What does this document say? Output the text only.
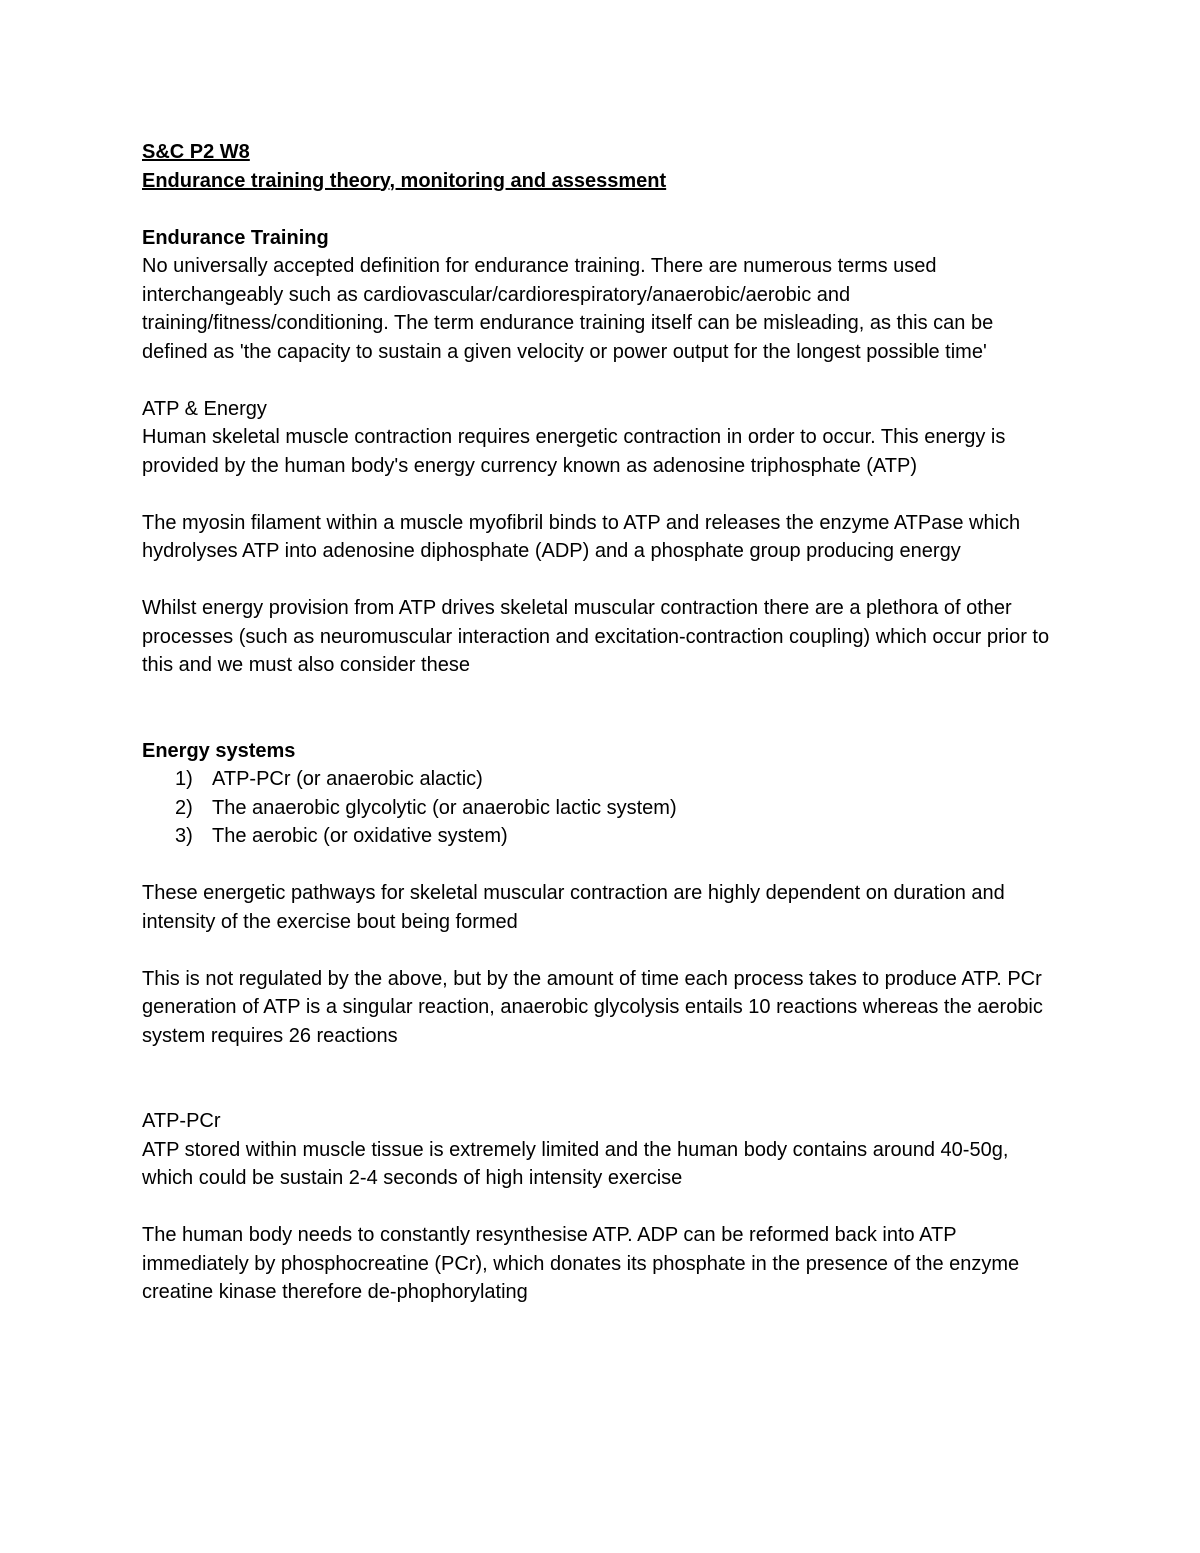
S&C P2 W8

Endurance training theory, monitoring and assessment

Endurance Training

No universally accepted definition for endurance training. There are numerous terms used interchangeably such as cardiovascular/cardiorespiratory/anaerobic/aerobic and training/fitness/conditioning. The term endurance training itself can be misleading, as this can be defined as 'the capacity to sustain a given velocity or power output for the longest possible time'

ATP & Energy

Human skeletal muscle contraction requires energetic contraction in order to occur. This energy is provided by the human body's energy currency known as adenosine triphosphate (ATP)

The myosin filament within a muscle myofibril binds to ATP and releases the enzyme ATPase which hydrolyses ATP into adenosine diphosphate (ADP) and a phosphate group producing energy

Whilst energy provision from ATP drives skeletal muscular contraction there are a plethora of other processes (such as neuromuscular interaction and excitation-contraction coupling) which occur prior to this and we must also consider these

Energy systems

1) ATP-PCr (or anaerobic alactic)
2) The anaerobic glycolytic (or anaerobic lactic system)
3) The aerobic (or oxidative system)

These energetic pathways for skeletal muscular contraction are highly dependent on duration and intensity of the exercise bout being formed

This is not regulated by the above, but by the amount of time each process takes to produce ATP. PCr generation of ATP is a singular reaction, anaerobic glycolysis entails 10 reactions whereas the aerobic system requires 26 reactions

ATP-PCr

ATP stored within muscle tissue is extremely limited and the human body contains around 40-50g, which could be sustain 2-4 seconds of high intensity exercise

The human body needs to constantly resynthesise ATP. ADP can be reformed back into ATP immediately by phosphocreatine (PCr), which donates its phosphate in the presence of the enzyme creatine kinase therefore de-phophorylating
